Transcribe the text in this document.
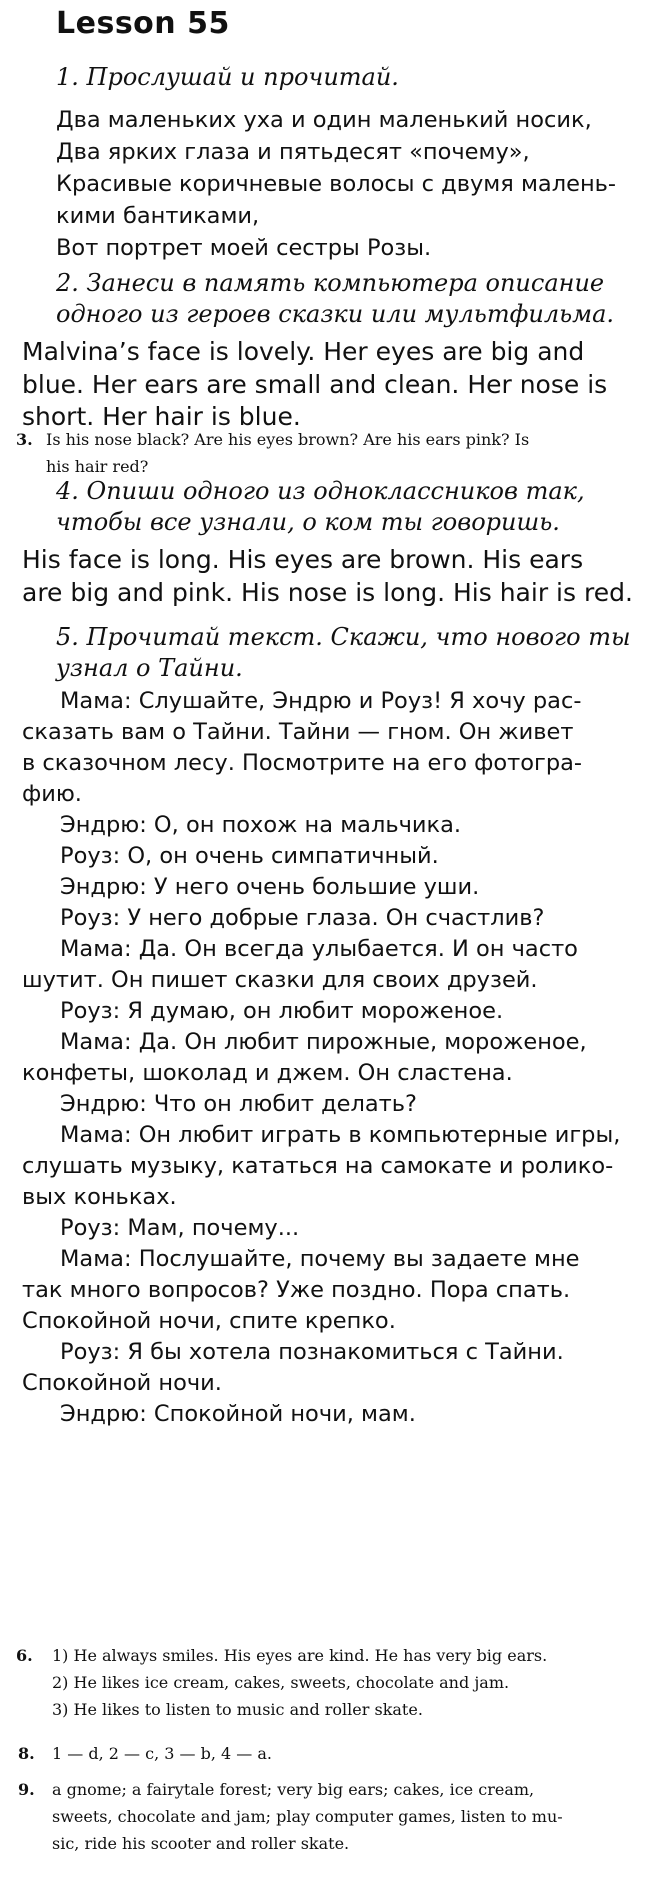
Lesson 55
1. Прослушай и прочитай.
Два маленьких уха и один маленький носик,
Два ярких глаза и пятьдесят «почему»,
Красивые коричневые волосы с двумя малень-
кими бантиками,
Вот портрет моей сестры Розы.
2. Занеси в память компьютера описание
одного из героев сказки или мультфильма.
Malvina’s face is lovely. Her eyes are big and
blue. Her ears are small and clean. Her nose is
short. Her hair is blue.
3. Is his nose black? Are his eyes brown? Are his ears pink? Is
his hair red?
4. Опиши одного из одноклассников так,
чтобы все узнали, о ком ты говоришь.
His face is long. His eyes are brown. His ears
are big and pink. His nose is long. His hair is red.
5. Прочитай текст. Скажи, что нового ты
узнал о Тайни.
Мама: Слушайте, Эндрю и Роуз! Я хочу рас-
сказать вам о Тайни. Тайни — гном. Он живет
в сказочном лесу. Посмотрите на его фотогра-
фию.
Эндрю: О, он похож на мальчика.
Роуз: О, он очень симпатичный.
Эндрю: У него очень большие уши.
Роуз: У него добрые глаза. Он счастлив?
Мама: Да. Он всегда улыбается. И он часто
шутит. Он пишет сказки для своих друзей.
Роуз: Я думаю, он любит мороженое.
Мама: Да. Он любит пирожные, мороженое,
конфеты, шоколад и джем. Он сластена.
Эндрю: Что он любит делать?
Мама: Он любит играть в компьютерные игры,
слушать музыку, кататься на самокате и ролико-
вых коньках.
Роуз: Мам, почему...
Мама: Послушайте, почему вы задаете мне
так много вопросов? Уже поздно. Пора спать.
Спокойной ночи, спите крепко.
Роуз: Я бы хотела познакомиться с Тайни.
Спокойной ночи.
Эндрю: Спокойной ночи, мам.
6. 1) He always smiles. His eyes are kind. He has very big ears.
2) He likes ice cream, cakes, sweets, chocolate and jam.
3) He likes to listen to music and roller skate.
8. 1 — d, 2 — c, 3 — b, 4 — a.
9. a gnome; a fairytale forest; very big ears; cakes, ice cream,
sweets, chocolate and jam; play computer games, listen to mu-
sic, ride his scooter and roller skate.
